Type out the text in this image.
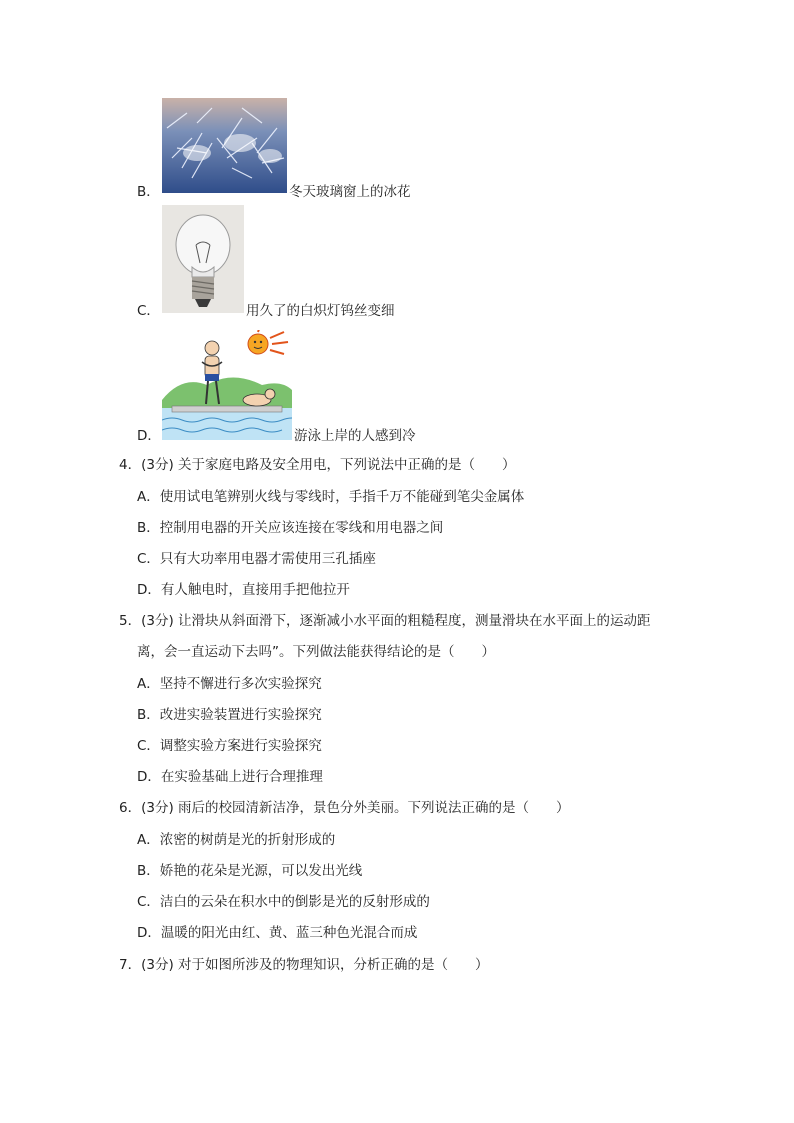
B．	冬天玻璃窗上的冰花
C．	用久了的白炽灯钨丝变细
D．	游泳上岸的人感到冷
4．(3分) 关于家庭电路及安全用电，下列说法中正确的是（　　）
A．使用试电笔辨别火线与零线时，手指千万不能碰到笔尖金属体
B．控制用电器的开关应该连接在零线和用电器之间
C．只有大功率用电器才需使用三孔插座
D．有人触电时，直接用手把他拉开
5．(3分) 让滑块从斜面滑下，逐渐减小水平面的粗糙程度，测量滑块在水平面上的运动距
离，会一直运动下去吗”。下列做法能获得结论的是（　　）
A．坚持不懈进行多次实验探究
B．改进实验装置进行实验探究
C．调整实验方案进行实验探究
D．在实验基础上进行合理推理
6．(3分) 雨后的校园清新洁净，景色分外美丽。下列说法正确的是（　　）
A．浓密的树荫是光的折射形成的
B．娇艳的花朵是光源，可以发出光线
C．洁白的云朵在积水中的倒影是光的反射形成的
D．温暖的阳光由红、黄、蓝三种色光混合而成
7．(3分) 对于如图所涉及的物理知识，分析正确的是（　　）
